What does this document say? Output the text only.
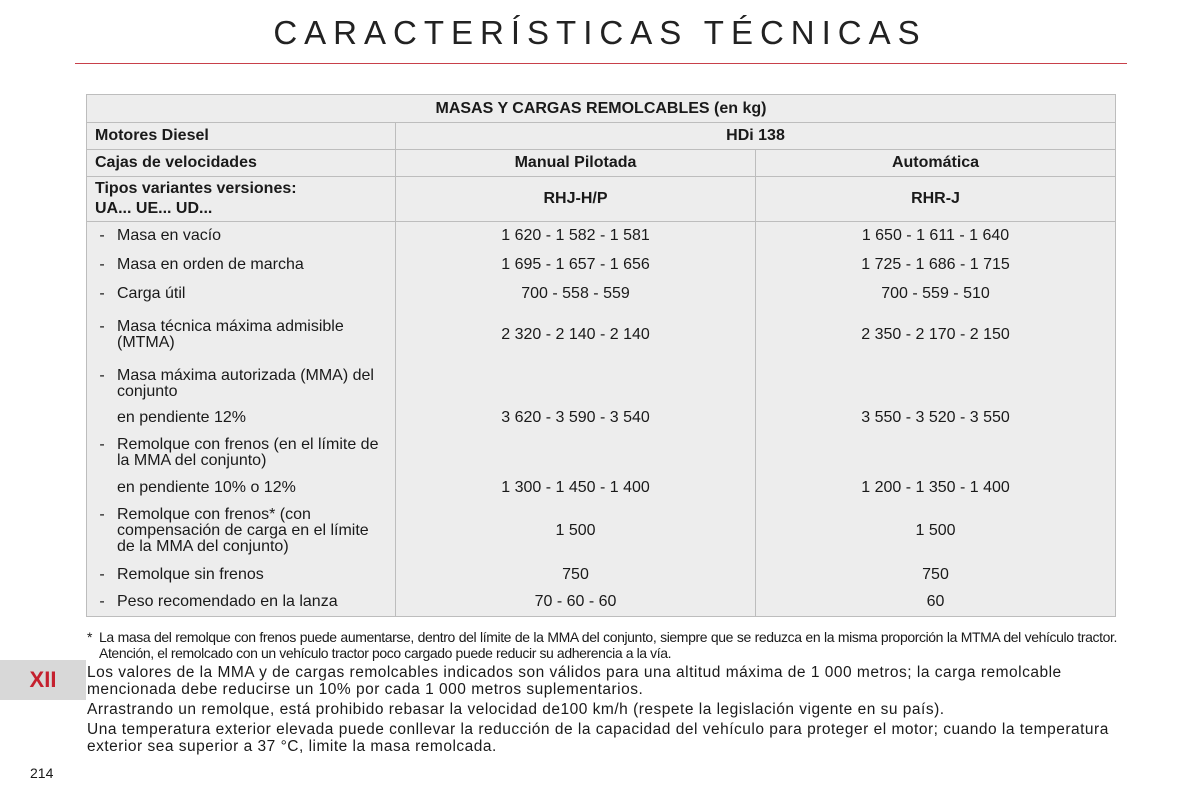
CARACTERÍSTICAS TÉCNICAS
MASAS Y CARGAS REMOLCABLES (en kg)		
Motores Diesel	HDi 138	
Cajas de velocidades	Manual Pilotada	Automática

Tipos variantes versiones:
UA... UE... UD...	RHJ-H/P	RHR-J

- Masa en vacío	1 620 - 1 582 - 1 581	1 650 - 1 611 - 1 640

- Masa en orden de marcha	1 695 - 1 657 - 1 656	1 725 - 1 686 - 1 715

- Carga útil	700 - 558 - 559	700 - 559 - 510

- Masa técnica máxima admisible (MTMA)	2 320 - 2 140 - 2 140	2 350 - 2 170 - 2 150

- Masa máxima autorizada (MMA) del conjunto		

en pendiente 12%	3 620 - 3 590 - 3 540	3 550 - 3 520 - 3 550

- Remolque con frenos (en el límite de la MMA del conjunto)		

en pendiente 10% o 12%	1 300 - 1 450 - 1 400	1 200 - 1 350 - 1 400

- Remolque con frenos* (con compensación de carga en el límite de la MMA del conjunto)	1 500	1 500

- Remolque sin frenos	750	750

- Peso recomendado en la lanza	70 - 60 - 60	60
* La masa del remolque con frenos puede aumentarse, dentro del límite de la MMA del conjunto, siempre que se reduzca en la misma proporción la MTMA del vehículo tractor. Atención, el remolcado con un vehículo tractor poco cargado puede reducir su adherencia a la vía.

Los valores de la MMA y de cargas remolcables indicados son válidos para una altitud máxima de 1 000 metros; la carga remolcable mencionada debe reducirse un 10% por cada 1 000 metros suplementarios.

Arrastrando un remolque, está prohibido rebasar la velocidad de100 km/h (respete la legislación vigente en su país).

Una temperatura exterior elevada puede conllevar la reducción de la capacidad del vehículo para proteger el motor; cuando la temperatura exterior sea superior a 37 °C, limite la masa remolcada.

XII
214
